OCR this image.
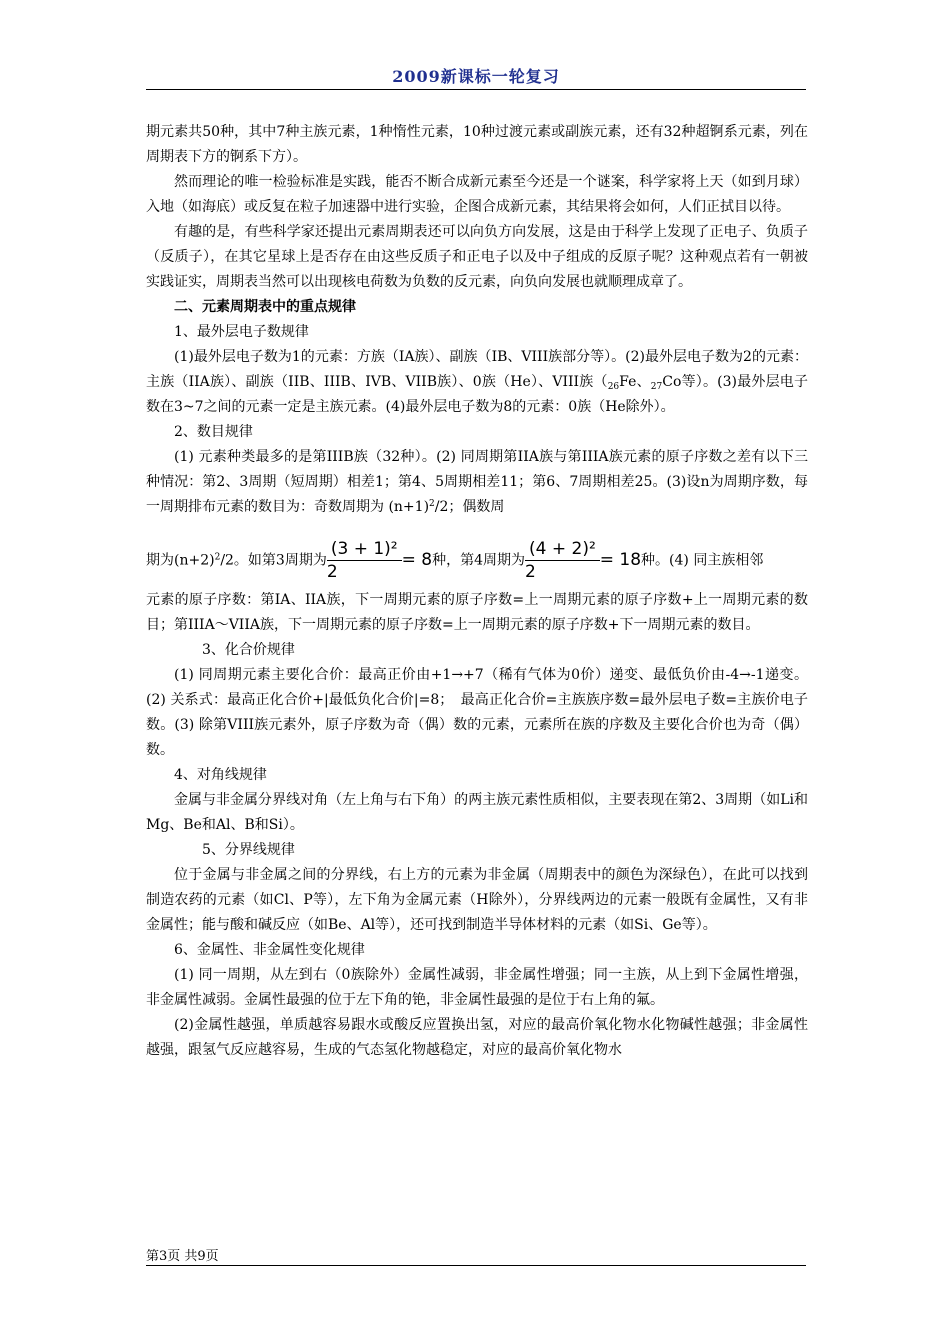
2009新课标一轮复习

期元素共50种，其中7种主族元素，1种惰性元素，10种过渡元素或副族元素，还有32种超锕系元素，列在周期表下方的锕系下方）。

然而理论的唯一检验标准是实践，能否不断合成新元素至今还是一个谜案，科学家将上天（如到月球）入地（如海底）或反复在粒子加速器中进行实验，企图合成新元素，其结果将会如何，人们正拭目以待。

有趣的是，有些科学家还提出元素周期表还可以向负方向发展，这是由于科学上发现了正电子、负质子（反质子），在其它星球上是否存在由这些反质子和正电子以及中子组成的反原子呢？这种观点若有一朝被实践证实，周期表当然可以出现核电荷数为负数的反元素，向负向发展也就顺理成章了。

二、元素周期表中的重点规律

1、最外层电子数规律

(1)最外层电子数为1的元素：方族（IA族）、副族（IB、VIII族部分等）。(2)最外层电子数为2的元素：主族（IIA族）、副族（IIB、IIIB、IVB、VIIB族）、0族（He）、VIII族（$_{26}Fe$、$_{27}$Co等）。(3)最外层电子数在3~7之间的元素一定是主族元素。(4)最外层电子数为8的元素：0族（He除外）。

2、数目规律

(1) 元素种类最多的是第IIIB族（32种）。(2) 同周期第IIA族与第IIIA族元素的原子序数之差有以下三种情况：第2、3周期（短周期）相差1；第4、5周期相差11；第6、7周期相差25。(3)设n为周期序数，每一周期排布元素的数目为：奇数周期为 $(n+1)^2/2$；偶数周

期为$(n+2)^2/2$。如第3周期为 $\frac{\text{(3 + 1)²}}{2} = 8$种，第4周期为 $\frac{\text{(4 + 2)²}}{2} = 18$种。(4) 同主族相邻

元素的原子序数：第IA、IIA族，下一周期元素的原子序数=上一周期元素的原子序数+上一周期元素的数目；第IIIA～VIIA族，下一周期元素的原子序数=上一周期元素的原子序数+下一周期元素的数目。

3、化合价规律

(1) 同周期元素主要化合价：最高正价由+1→+7（稀有气体为0价）递变、最低负价由-4→-1递变。(2) 关系式：最高正化合价+|最低负化合价|=8；　最高正化合价=主族族序数=最外层电子数=主族价电子数。(3) 除第VIII族元素外，原子序数为奇（偶）数的元素，元素所在族的序数及主要化合价也为奇（偶）数。

4、对角线规律

金属与非金属分界线对角（左上角与右下角）的两主族元素性质相似，主要表现在第2、3周期（如Li和Mg、Be和Al、B和Si）。

5、分界线规律

位于金属与非金属之间的分界线，右上方的元素为非金属（周期表中的颜色为深绿色），在此可以找到制造农药的元素（如Cl、P等），左下角为金属元素（H除外），分界线两边的元素一般既有金属性，又有非金属性；能与酸和碱反应（如Be、Al等），还可找到制造半导体材料的元素（如Si、Ge等）。

6、金属性、非金属性变化规律

(1) 同一周期，从左到右（0族除外）金属性减弱，非金属性增强；同一主族，从上到下金属性增强，非金属性减弱。金属性最强的位于左下角的铯，非金属性最强的是位于右上角的氟。

(2)金属性越强，单质越容易跟水或酸反应置换出氢，对应的最高价氧化物水化物碱性越强；非金属性越强，跟氢气反应越容易，生成的气态氢化物越稳定，对应的最高价氧化物水

第3页 共9页
